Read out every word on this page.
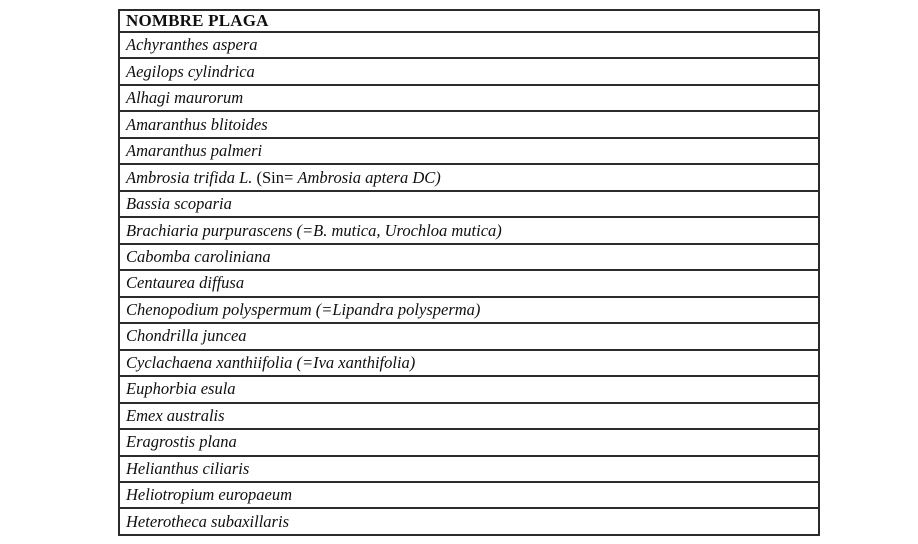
NOMBRE PLAGA
Achyranthes aspera
Aegilops cylindrica
Alhagi maurorum
Amaranthus blitoides
Amaranthus palmeri
Ambrosia trifida L. (Sin= Ambrosia aptera DC)
Bassia scoparia
Brachiaria purpurascens (=B. mutica, Urochloa mutica)
Cabomba caroliniana
Centaurea diffusa
Chenopodium polyspermum (=Lipandra polysperma)
Chondrilla juncea
Cyclachaena xanthiifolia (=Iva xanthifolia)
Euphorbia esula
Emex australis
Eragrostis plana
Helianthus ciliaris
Heliotropium europaeum
Heterotheca subaxillaris
